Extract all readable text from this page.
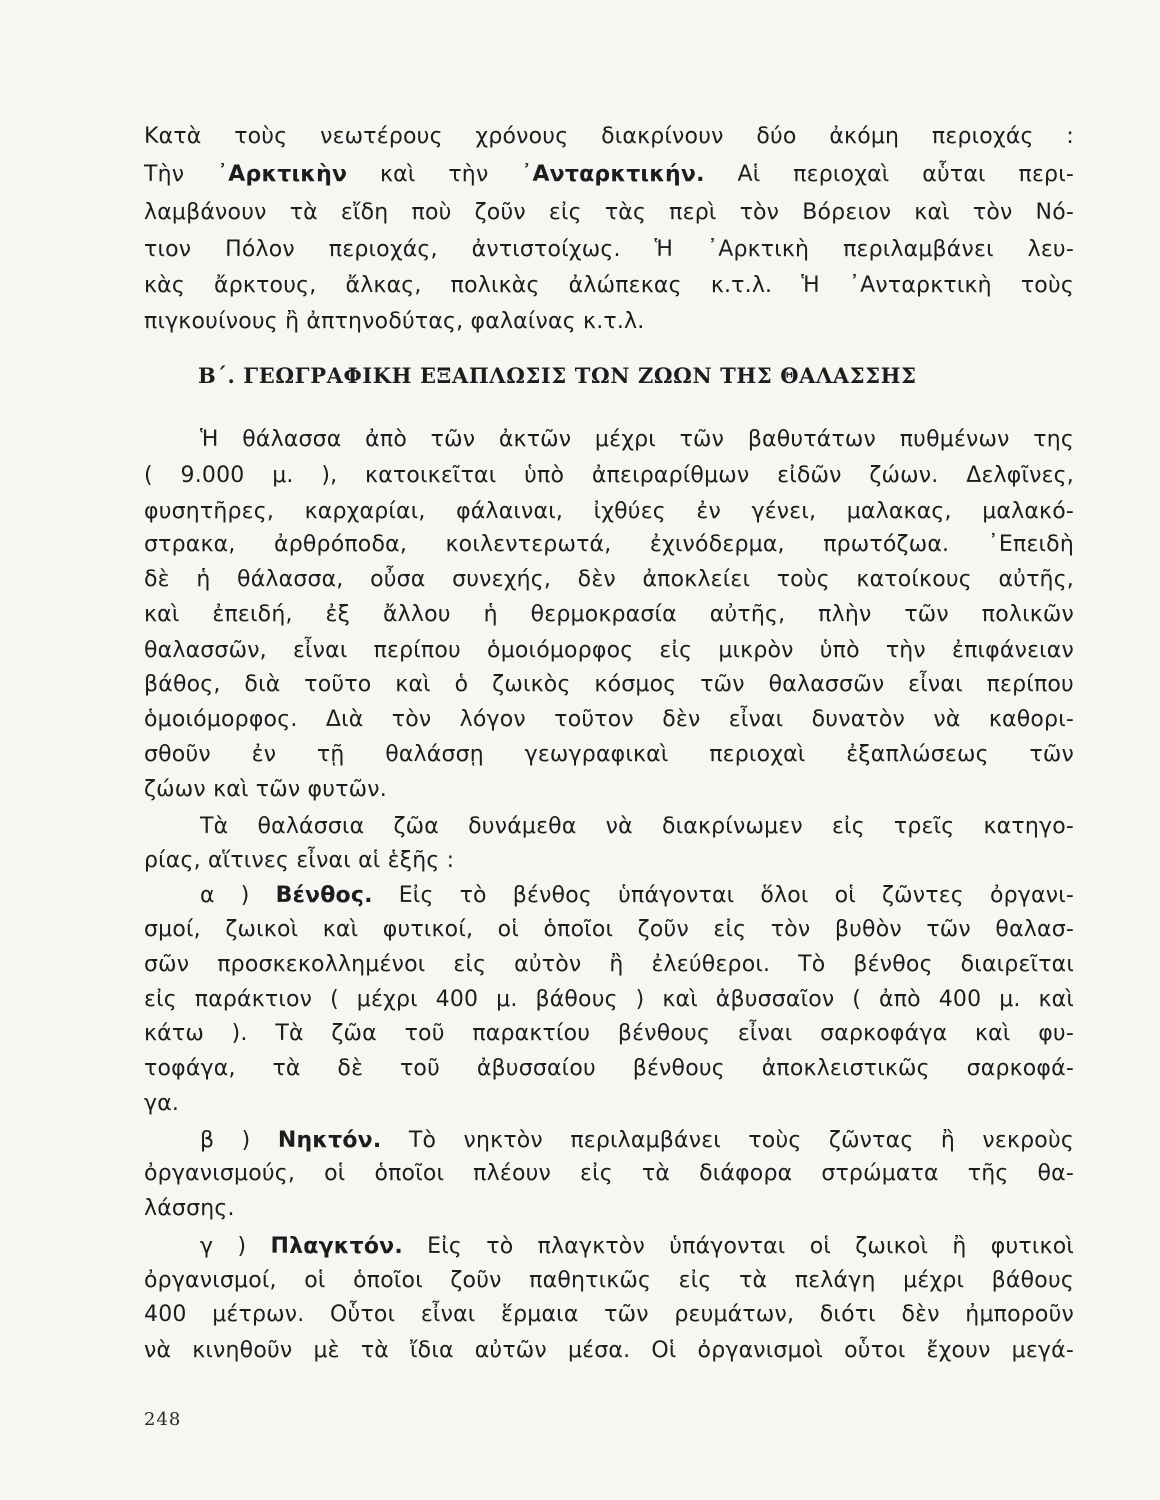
Κατὰ τοὺς νεωτέρους χρόνους διακρίνουν δύο ἀκόμη περιοχάς :
Τὴν ᾿Αρκτικὴν καὶ τὴν ᾿Ανταρκτικήν. Αἱ περιοχαὶ αὗται περι-
λαμβάνουν τὰ εἴδη ποὺ ζοῦν εἰς τὰς περὶ τὸν Βόρειον καὶ τὸν Νό-
τιον Πόλον περιοχάς, ἀντιστοίχως. Ἡ ᾿Αρκτικὴ περιλαμβάνει λευ-
κὰς ἄρκτους, ἄλκας, πολικὰς ἀλώπεκας κ.τ.λ. Ἡ ᾿Ανταρκτικὴ τοὺς
πιγκουίνους ἢ ἀπτηνοδύτας, φαλαίνας κ.τ.λ.
Β΄. ΓΕΩΓΡΑΦΙΚΗ ΕΞΑΠΛΩΣΙΣ ΤΩΝ ΖΩΩΝ ΤΗΣ ΘΑΛΑΣΣΗΣ
Ἡ θάλασσα ἀπὸ τῶν ἀκτῶν μέχρι τῶν βαθυτάτων πυθμένων της
( 9.000 μ. ), κατοικεῖται ὑπὸ ἀπειραρίθμων εἰδῶν ζώων. Δελφῖνες,
φυσητῆρες, καρχαρίαι, φάλαιναι, ἰχθύες ἐν γένει, μαλακας, μαλακό-
στρακα, ἀρθρόποδα, κοιλεντερωτά, ἐχινόδερμα, πρωτόζωα. ᾿Επειδὴ
δὲ ἡ θάλασσα, οὖσα συνεχής, δὲν ἀποκλείει τοὺς κατοίκους αὐτῆς,
καὶ ἐπειδή, ἐξ ἄλλου ἡ θερμοκρασία αὐτῆς, πλὴν τῶν πολικῶν
θαλασσῶν, εἶναι περίπου ὁμοιόμορφος εἰς μικρὸν ὑπὸ τὴν ἐπιφάνειαν
βάθος, διὰ τοῦτο καὶ ὁ ζωικὸς κόσμος τῶν θαλασσῶν εἶναι περίπου
ὁμοιόμορφος. Διὰ τὸν λόγον τοῦτον δὲν εἶναι δυνατὸν νὰ καθορι-
σθοῦν ἐν τῇ θαλάσσῃ γεωγραφικαὶ περιοχαὶ ἐξαπλώσεως τῶν
ζώων καὶ τῶν φυτῶν.
Τὰ θαλάσσια ζῶα δυνάμεθα νὰ διακρίνωμεν εἰς τρεῖς κατηγο-
ρίας, αἵτινες εἶναι αἱ ἑξῆς :
α ) Βένθος. Εἰς τὸ βένθος ὑπάγονται ὅλοι οἱ ζῶντες ὀργανι-
σμοί, ζωικοὶ καὶ φυτικοί, οἱ ὁποῖοι ζοῦν εἰς τὸν βυθὸν τῶν θαλασ-
σῶν προσκεκολλημένοι εἰς αὐτὸν ἢ ἐλεύθεροι. Τὸ βένθος διαιρεῖται
εἰς παράκτιον ( μέχρι 400 μ. βάθους ) καὶ ἀβυσσαῖον ( ἀπὸ 400 μ. καὶ
κάτω ). Τὰ ζῶα τοῦ παρακτίου βένθους εἶναι σαρκοφάγα καὶ φυ-
τοφάγα, τὰ δὲ τοῦ ἀβυσσαίου βένθους ἀποκλειστικῶς σαρκοφά-
γα.
β ) Νηκτόν. Τὸ νηκτὸν περιλαμβάνει τοὺς ζῶντας ἢ νεκροὺς
ὀργανισμούς, οἱ ὁποῖοι πλέουν εἰς τὰ διάφορα στρώματα τῆς θα-
λάσσης.
γ ) Πλαγκτόν. Εἰς τὸ πλαγκτὸν ὑπάγονται οἱ ζωικοὶ ἢ φυτικοὶ
ὀργανισμοί, οἱ ὁποῖοι ζοῦν παθητικῶς εἰς τὰ πελάγη μέχρι βάθους
400 μέτρων. Οὗτοι εἶναι ἕρμαια τῶν ρευμάτων, διότι δὲν ἠμποροῦν
νὰ κινηθοῦν μὲ τὰ ἴδια αὐτῶν μέσα. Οἱ ὀργανισμοὶ οὗτοι ἔχουν μεγά-
248
